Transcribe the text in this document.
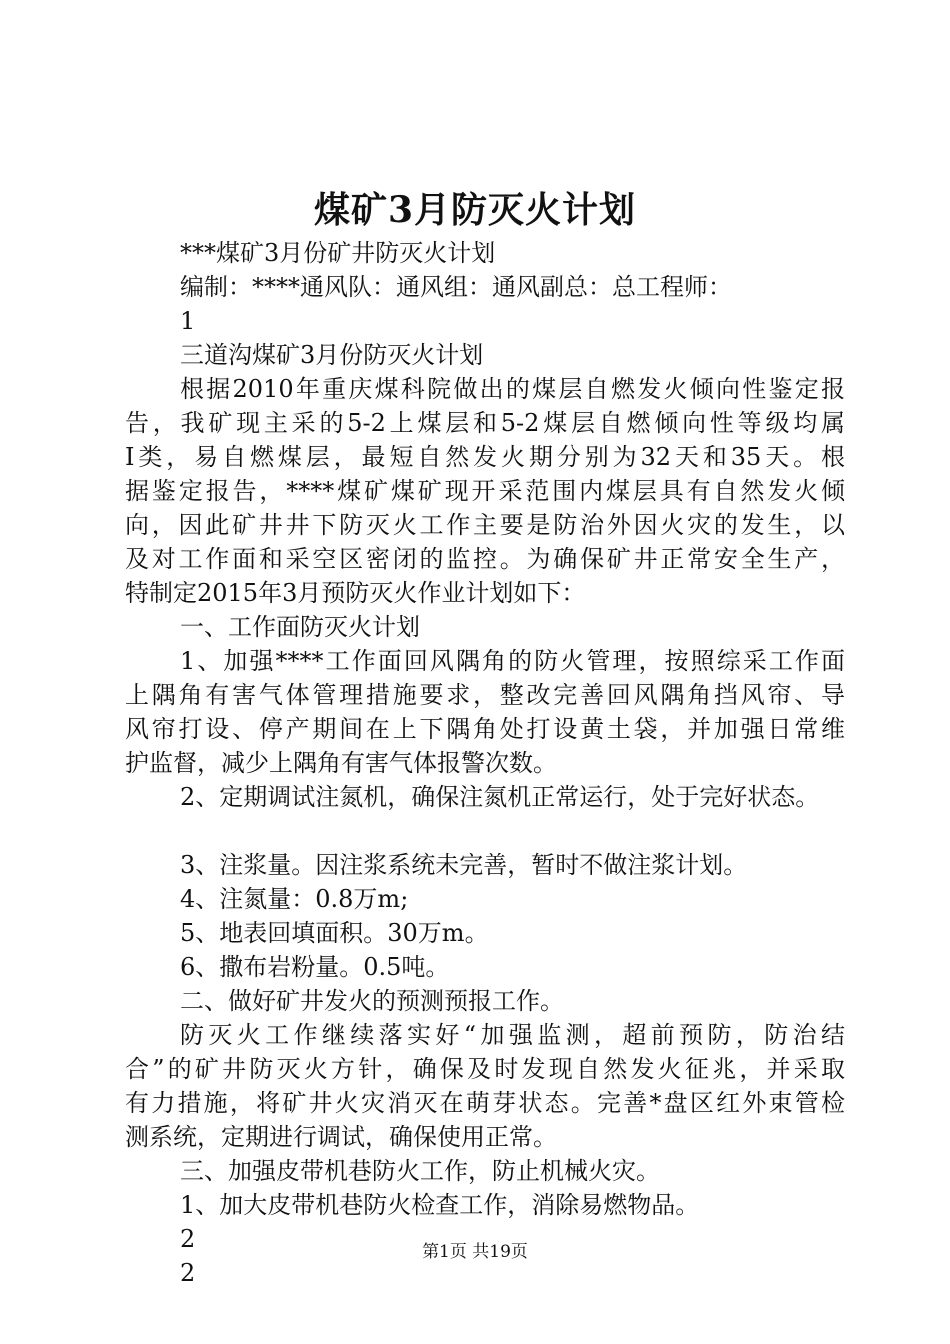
煤矿3月防灭火计划
***煤矿3月份矿井防灭火计划
编制：****通风队：通风组：通风副总：总工程师：
1
三道沟煤矿3月份防灭火计划
根据2010年重庆煤科院做出的煤层自燃发火倾向性鉴定报
告，我矿现主采的5-2上煤层和5-2煤层自燃倾向性等级均属
Ⅰ类，易自燃煤层，最短自然发火期分别为32天和35天。根
据鉴定报告，****煤矿煤矿现开采范围内煤层具有自然发火倾
向，因此矿井井下防灭火工作主要是防治外因火灾的发生，以
及对工作面和采空区密闭的监控。为确保矿井正常安全生产，
特制定2015年3月预防灭火作业计划如下：
一、工作面防灭火计划
1、加强****工作面回风隅角的防火管理，按照综采工作面
上隅角有害气体管理措施要求，整改完善回风隅角挡风帘、导
风帘打设、停产期间在上下隅角处打设黄土袋，并加强日常维
护监督，减少上隅角有害气体报警次数。
2、定期调试注氮机，确保注氮机正常运行，处于完好状态。
3、注浆量。因注浆系统未完善，暂时不做注浆计划。
4、注氮量：0.8万m;
5、地表回填面积。30万m。
6、撒布岩粉量。0.5吨。
二、做好矿井发火的预测预报工作。
防灭火工作继续落实好“加强监测，超前预防，防治结
合”的矿井防灭火方针，确保及时发现自然发火征兆，并采取
有力措施，将矿井火灾消灭在萌芽状态。完善*盘区红外束管检
测系统，定期进行调试，确保使用正常。
三、加强皮带机巷防火工作，防止机械火灾。
1、加大皮带机巷防火检查工作，消除易燃物品。
2
2
第1页 共19页
